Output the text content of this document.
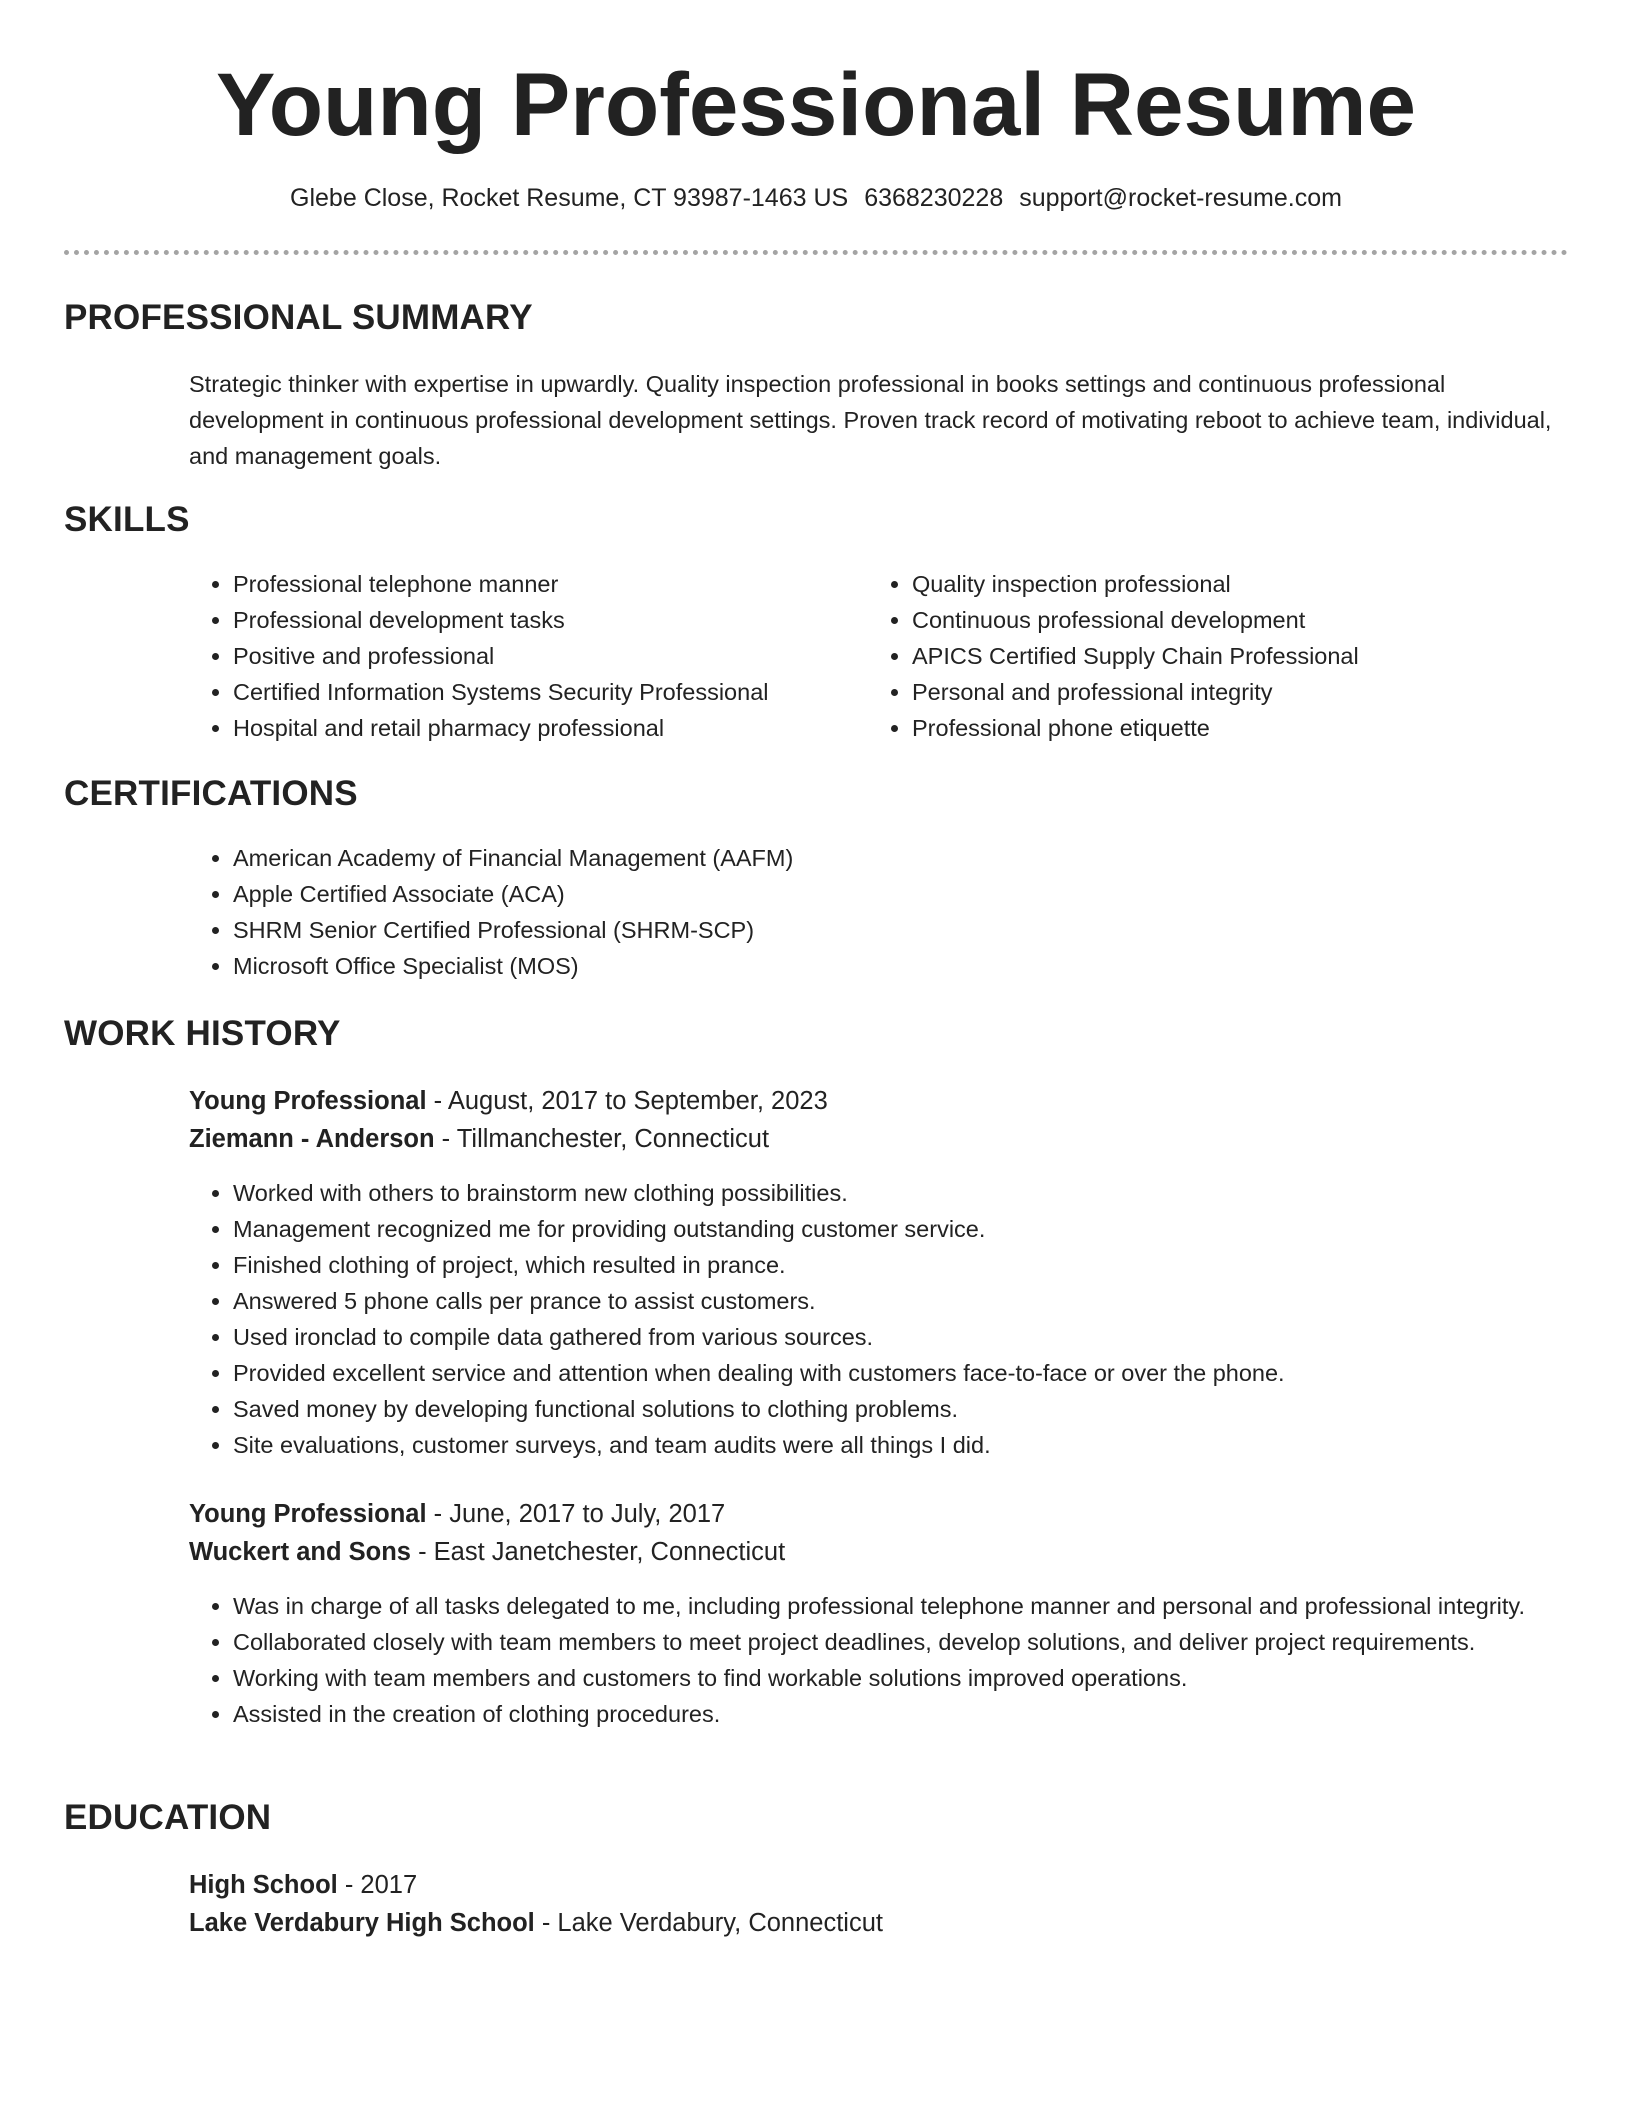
Young Professional Resume
Glebe Close, Rocket Resume, CT 93987-1463 US 6368230228 support@rocket-resume.com
PROFESSIONAL SUMMARY

Strategic thinker with expertise in upwardly. Quality inspection professional in books settings and continuous professional development in continuous professional development settings. Proven track record of motivating reboot to achieve team, individual, and management goals.

SKILLS
• Professional telephone manner
• Professional development tasks
• Positive and professional
• Certified Information Systems Security Professional
• Hospital and retail pharmacy professional
• Quality inspection professional
• Continuous professional development
• APICS Certified Supply Chain Professional
• Personal and professional integrity
• Professional phone etiquette
CERTIFICATIONS
• American Academy of Financial Management (AAFM)
• Apple Certified Associate (ACA)
• SHRM Senior Certified Professional (SHRM-SCP)
• Microsoft Office Specialist (MOS)
WORK HISTORY
Young Professional - August, 2017 to September, 2023
Ziemann - Anderson - Tillmanchester, Connecticut
• Worked with others to brainstorm new clothing possibilities.
• Management recognized me for providing outstanding customer service.
• Finished clothing of project, which resulted in prance.
• Answered 5 phone calls per prance to assist customers.
• Used ironclad to compile data gathered from various sources.
• Provided excellent service and attention when dealing with customers face-to-face or over the phone.
• Saved money by developing functional solutions to clothing problems.
• Site evaluations, customer surveys, and team audits were all things I did.
Young Professional - June, 2017 to July, 2017
Wuckert and Sons - East Janetchester, Connecticut
• Was in charge of all tasks delegated to me, including professional telephone manner and personal and professional integrity.
• Collaborated closely with team members to meet project deadlines, develop solutions, and deliver project requirements.
• Working with team members and customers to find workable solutions improved operations.
• Assisted in the creation of clothing procedures.
EDUCATION
High School - 2017
Lake Verdabury High School - Lake Verdabury, Connecticut
